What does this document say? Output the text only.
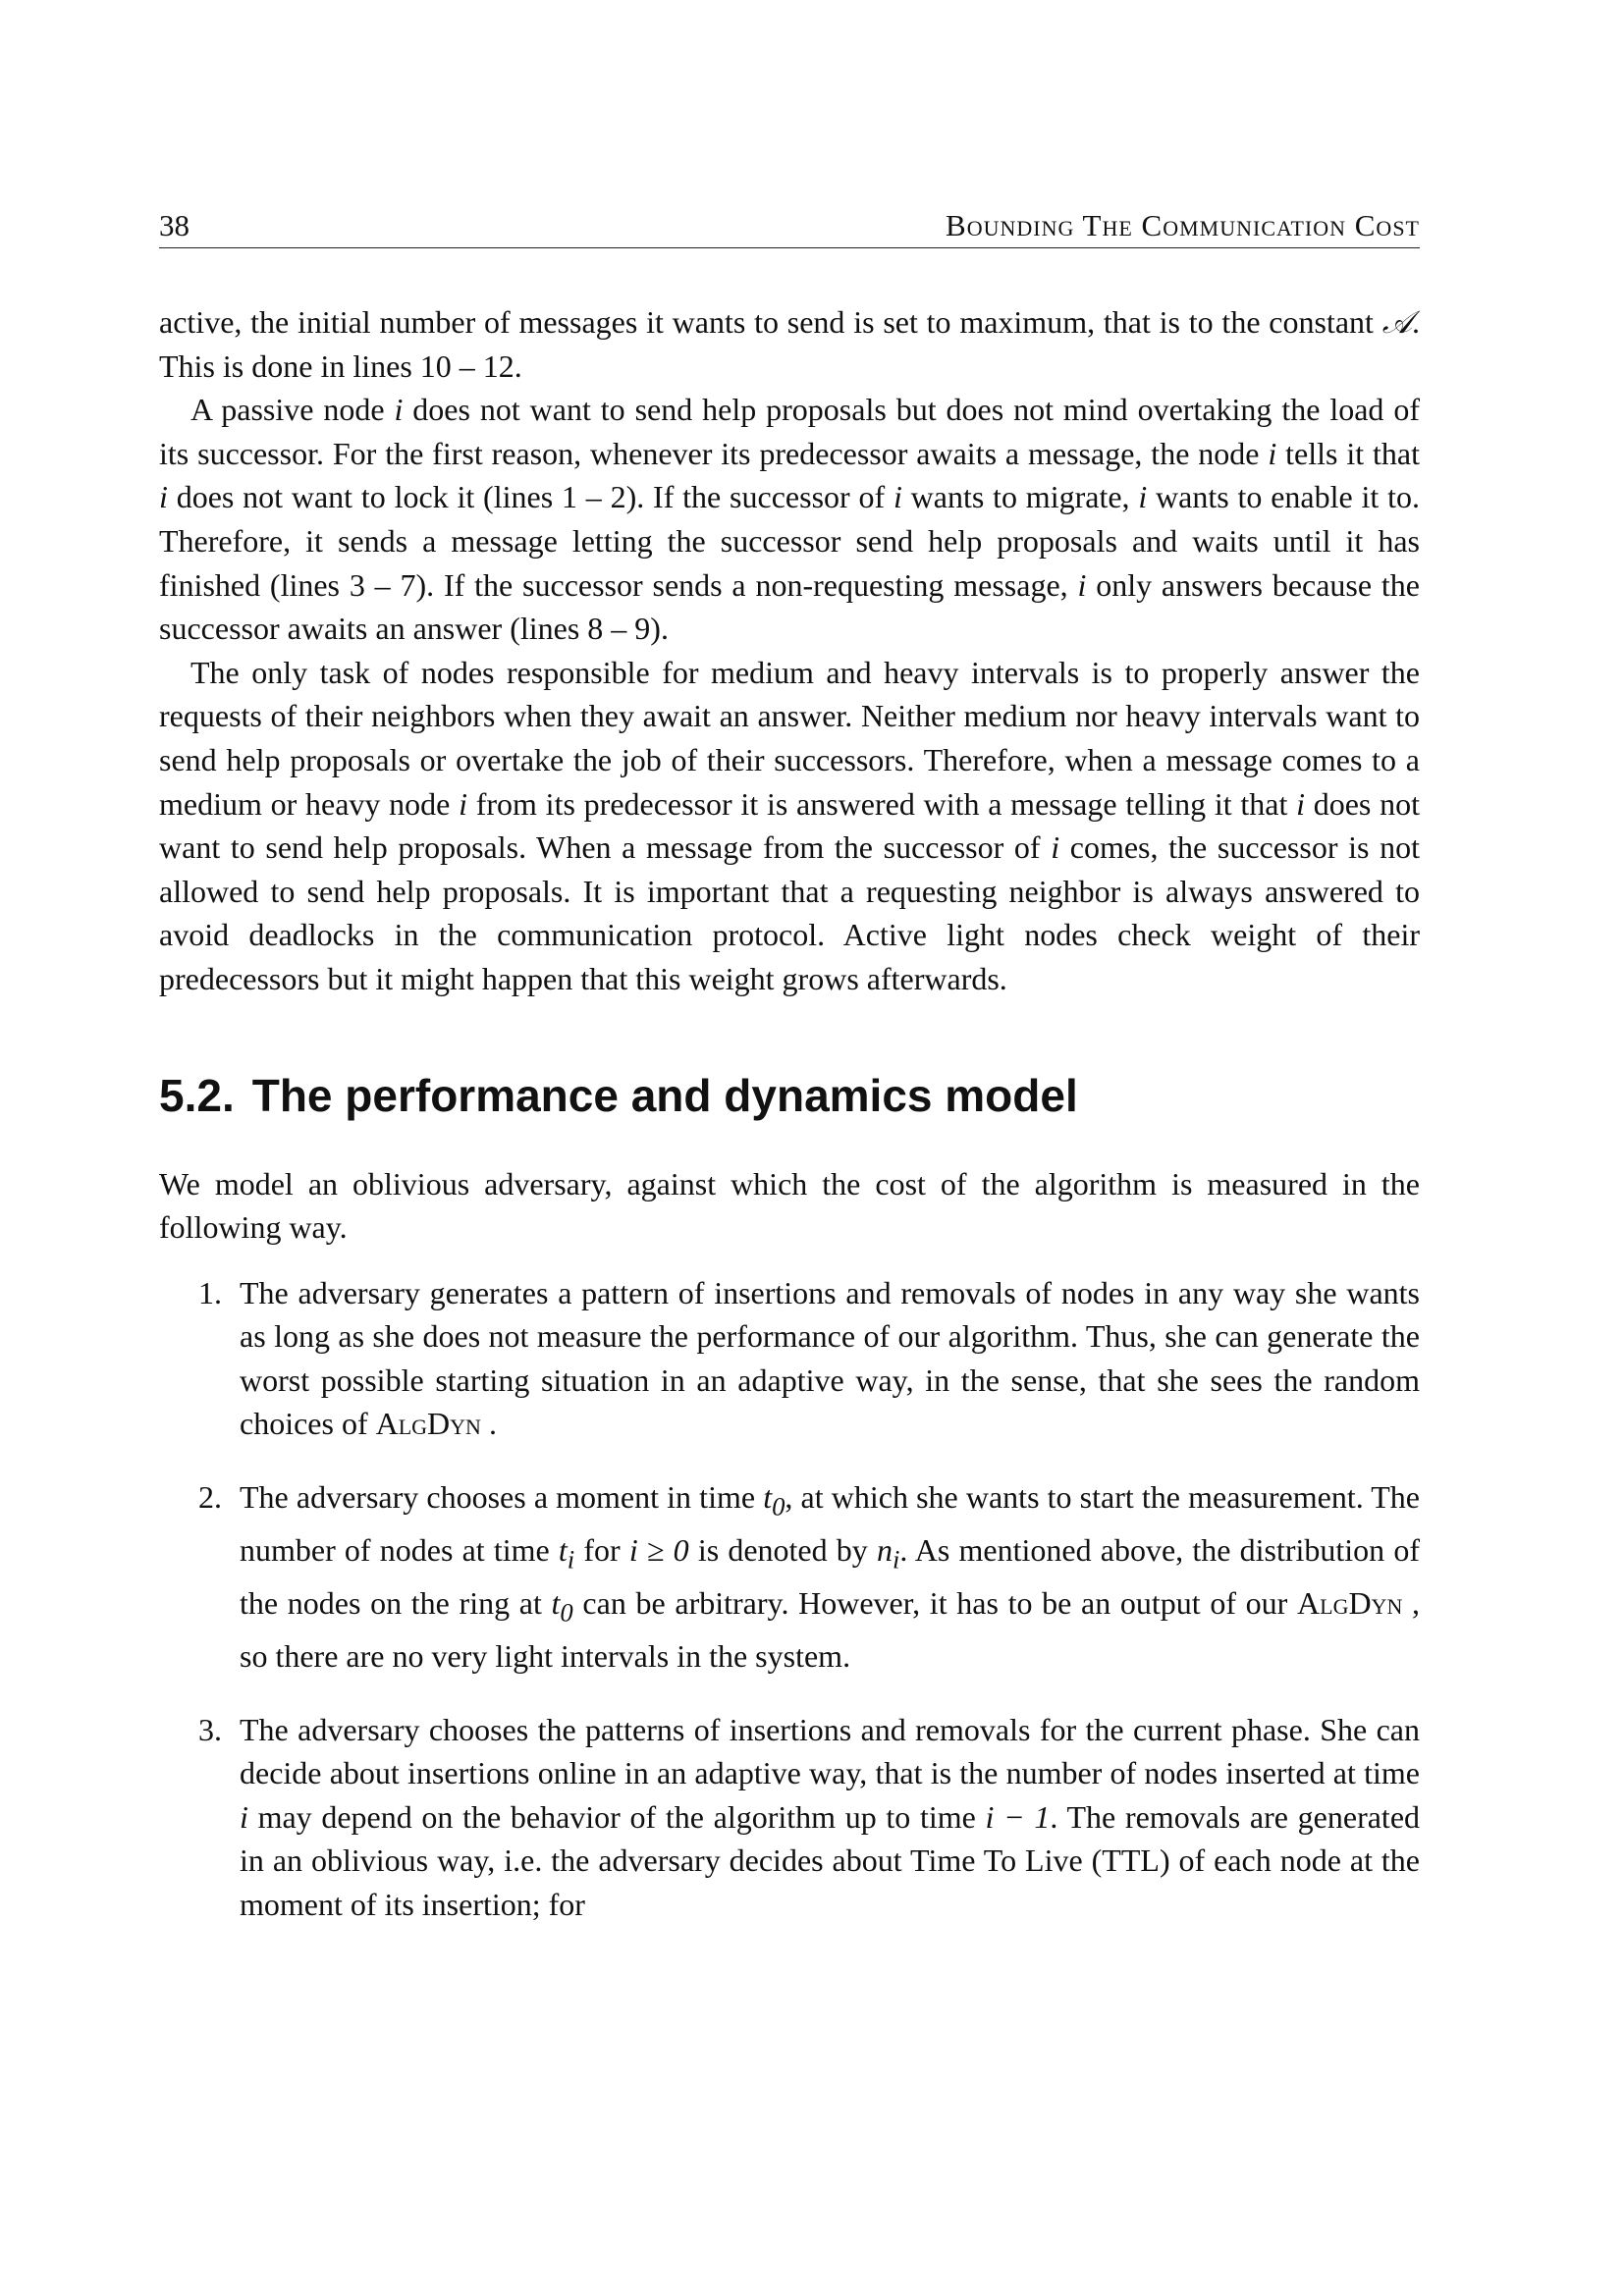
38	Bounding The Communication Cost

active, the initial number of messages it wants to send is set to maximum, that is to the constant 𝒜. This is done in lines 10 – 12.

A passive node i does not want to send help proposals but does not mind overtaking the load of its successor. For the first reason, whenever its predecessor awaits a message, the node i tells it that i does not want to lock it (lines 1 – 2). If the successor of i wants to migrate, i wants to enable it to. Therefore, it sends a message letting the successor send help proposals and waits until it has finished (lines 3 – 7). If the successor sends a non-requesting message, i only answers because the successor awaits an answer (lines 8 – 9).

The only task of nodes responsible for medium and heavy intervals is to properly answer the requests of their neighbors when they await an answer. Neither medium nor heavy intervals want to send help proposals or overtake the job of their successors. Therefore, when a message comes to a medium or heavy node i from its predecessor it is answered with a message telling it that i does not want to send help proposals. When a message from the successor of i comes, the successor is not allowed to send help proposals. It is important that a requesting neighbor is always answered to avoid deadlocks in the communication protocol. Active light nodes check weight of their predecessors but it might happen that this weight grows afterwards.

5.2. The performance and dynamics model

We model an oblivious adversary, against which the cost of the algorithm is measured in the following way.

1. The adversary generates a pattern of insertions and removals of nodes in any way she wants as long as she does not measure the performance of our algorithm. Thus, she can generate the worst possible starting situation in an adaptive way, in the sense, that she sees the random choices of AlgDyn .

2. The adversary chooses a moment in time $t_0$, at which she wants to start the measurement. The number of nodes at time $t_i$ for i ≥ 0 is denoted by $n_i$. As mentioned above, the distribution of the nodes on the ring at $t_0$ can be arbitrary. However, it has to be an output of our AlgDyn , so there are no very light intervals in the system.

3. The adversary chooses the patterns of insertions and removals for the current phase. She can decide about insertions online in an adaptive way, that is the number of nodes inserted at time i may depend on the behavior of the algorithm up to time i − 1. The removals are generated in an oblivious way, i.e. the adversary decides about Time To Live (TTL) of each node at the moment of its insertion; for
